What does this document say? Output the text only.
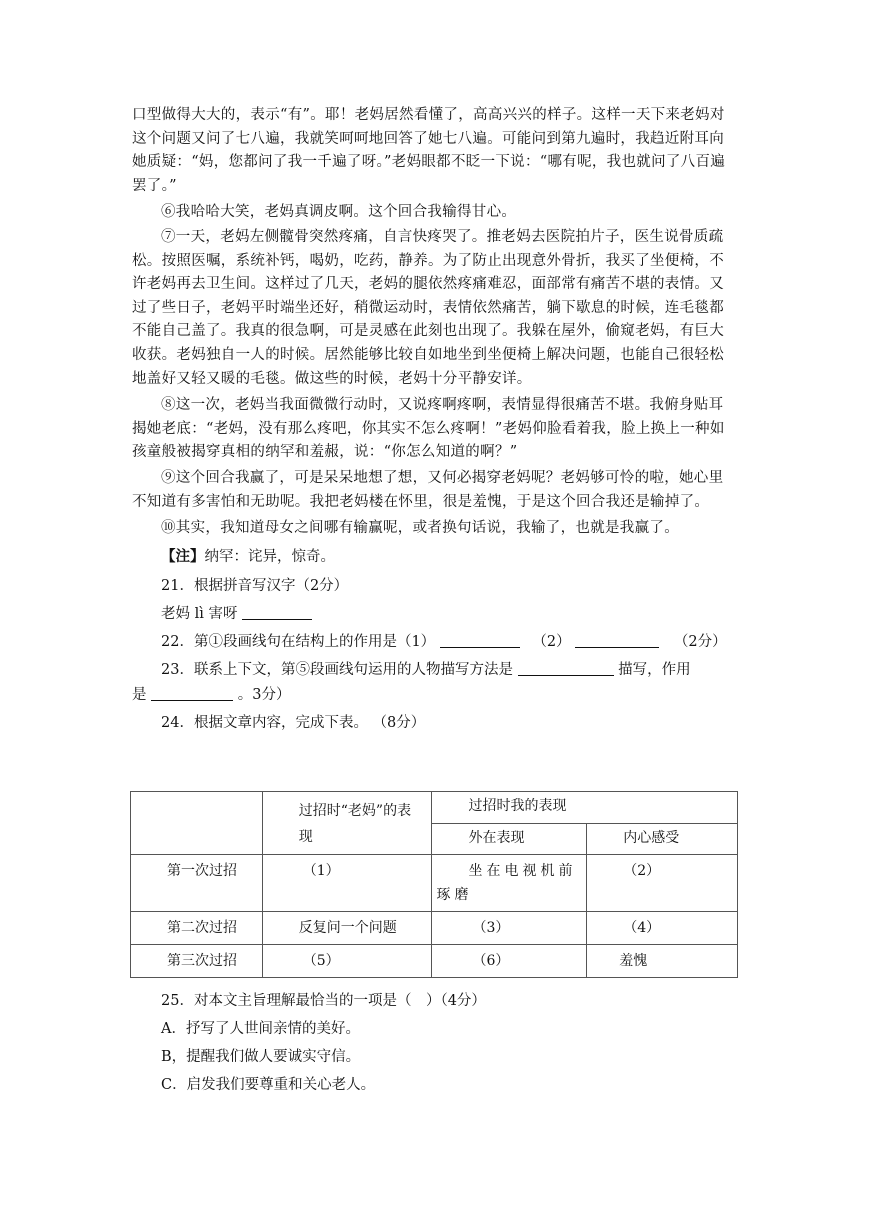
口型做得大大的，表示“有”。耶！老妈居然看懂了，高高兴兴的样子。这样一天下来老妈对这个问题又问了七八遍，我就笑呵呵地回答了她七八遍。可能问到第九遍时，我趋近附耳向她质疑：“妈，您都问了我一千遍了呀。”老妈眼都不眨一下说：“哪有呢，我也就问了八百遍罢了。”

⑥我哈哈大笑，老妈真调皮啊。这个回合我输得甘心。

⑦一天，老妈左侧髋骨突然疼痛，自言快疼哭了。推老妈去医院拍片子，医生说骨质疏松。按照医嘱，系统补钙，喝奶，吃药，静养。为了防止出现意外骨折，我买了坐便椅，不许老妈再去卫生间。这样过了几天，老妈的腿依然疼痛难忍，面部常有痛苦不堪的表情。又过了些日子，老妈平时端坐还好，稍微运动时，表情依然痛苦，躺下歇息的时候，连毛毯都不能自己盖了。我真的很急啊，可是灵感在此刻也出现了。我躲在屋外，偷窥老妈，有巨大收获。老妈独自一人的时候。居然能够比较自如地坐到坐便椅上解决问题，也能自己很轻松地盖好又轻又暖的毛毯。做这些的时候，老妈十分平静安详。

⑧这一次，老妈当我面微微行动时，又说疼啊疼啊，表情显得很痛苦不堪。我俯身贴耳揭她老底：“老妈，没有那么疼吧，你其实不怎么疼啊！”老妈仰脸看着我，脸上换上一种如孩童般被揭穿真相的纳罕和羞赧，说：“你怎么知道的啊？”

⑨这个回合我赢了，可是呆呆地想了想，又何必揭穿老妈呢？老妈够可怜的啦，她心里不知道有多害怕和无助呢。我把老妈楼在怀里，很是羞愧，于是这个回合我还是输掉了。

⑩其实，我知道母女之间哪有输赢呢，或者换句话说，我输了，也就是我赢了。

【注】纳罕：诧异，惊奇。
21．根据拼音写汉字（2分）
老妈 lì 害呀
22．第①段画线句在结构上的作用是（1）	（2）	（2分）
23．联系上下文，第⑤段画线句运用的人物描写方法是	描写，作用
是	。3分）
24．根据文章内容，完成下表。 （8分）

	过招时“老妈”的表现	过招时我的表现	

		外在表现	内心感受

第一次过招	（1）	坐在电视机前琢磨	（2）

第二次过招	反复问一个问题	（3）	（4）

第三次过招	（5）	（6）	羞愧
25．对本文主旨理解最恰当的一项是（　）（4分）
A．抒写了人世间亲情的美好。
B，提醒我们做人要诚实守信。
C．启发我们要尊重和关心老人。
